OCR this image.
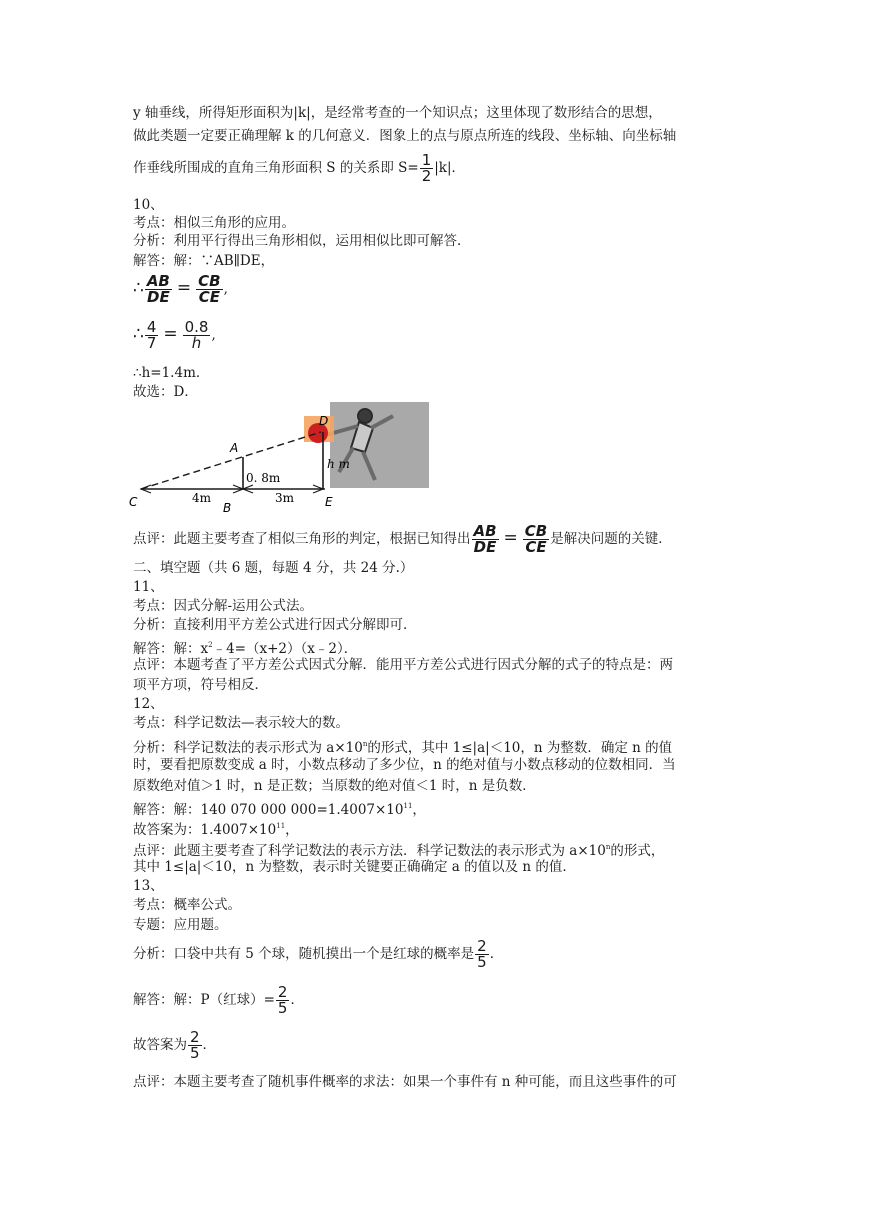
y 轴垂线，所得矩形面积为|k|，是经常考查的一个知识点；这里体现了数形结合的思想，
做此类题一定要正确理解 k 的几何意义．图象上的点与原点所连的线段、坐标轴、向坐标轴
作垂线所围成的直角三角形面积 S 的关系即 $S= \frac{1}{2} |k|$．
10、
考点：相似三角形的应用。
分析：利用平行得出三角形相似，运用相似比即可解答．
解答：解：∵AB∥DE，
∴ $\frac{AB}{DE} = \frac{CB}{CE}$ ,
∴ $\frac{4}{7} = \frac{0.8}{h}$ ,
∴h=1.4m．
故选：D．
点评：此题主要考查了相似三角形的判定，根据已知得出 $\frac{AB}{DE} = \frac{CB}{CE}$ 是解决问题的关键．
二、填空题（共 6 题，每题 4 分，共 24 分.）
11、
考点：因式分解-运用公式法。
分析：直接利用平方差公式进行因式分解即可．
解答：解：$x^2﹣4=(x+2)(x﹣2)$．
点评：本题考查了平方差公式因式分解．能用平方差公式进行因式分解的式子的特点是：两
项平方项，符号相反．
12、
考点：科学记数法—表示较大的数。
分析：科学记数法的表示形式为 $a\times 10^n$的形式，其中 1≤|a|＜10，n 为整数．确定 n 的值
时，要看把原数变成 a 时，小数点移动了多少位，n 的绝对值与小数点移动的位数相同．当
原数绝对值＞1 时，n 是正数；当原数的绝对值＜1 时，n 是负数．
解答：解：140 070 000 $000=1.4007\times 10^{11}$，
故答案为：$1.4007\times 10^{11}$，
点评：此题主要考查了科学记数法的表示方法．科学记数法的表示形式为 $a\times 10^n$的形式，
其中 1≤|a|＜10，n 为整数，表示时关键要正确确定 a 的值以及 n 的值．
13、
考点：概率公式。
专题：应用题。
分析：口袋中共有 5 个球，随机摸出一个是红球的概率是 $\frac{2}{5}$ ．
解答：解：P（红球）= $\frac{2}{5}$ ．
故答案为 $\frac{2}{5}$ ．
点评：本题主要考查了随机事件概率的求法：如果一个事件有 n 种可能，而且这些事件的可
C
A
B
D
E
0. 8m
4m	3m
h m
